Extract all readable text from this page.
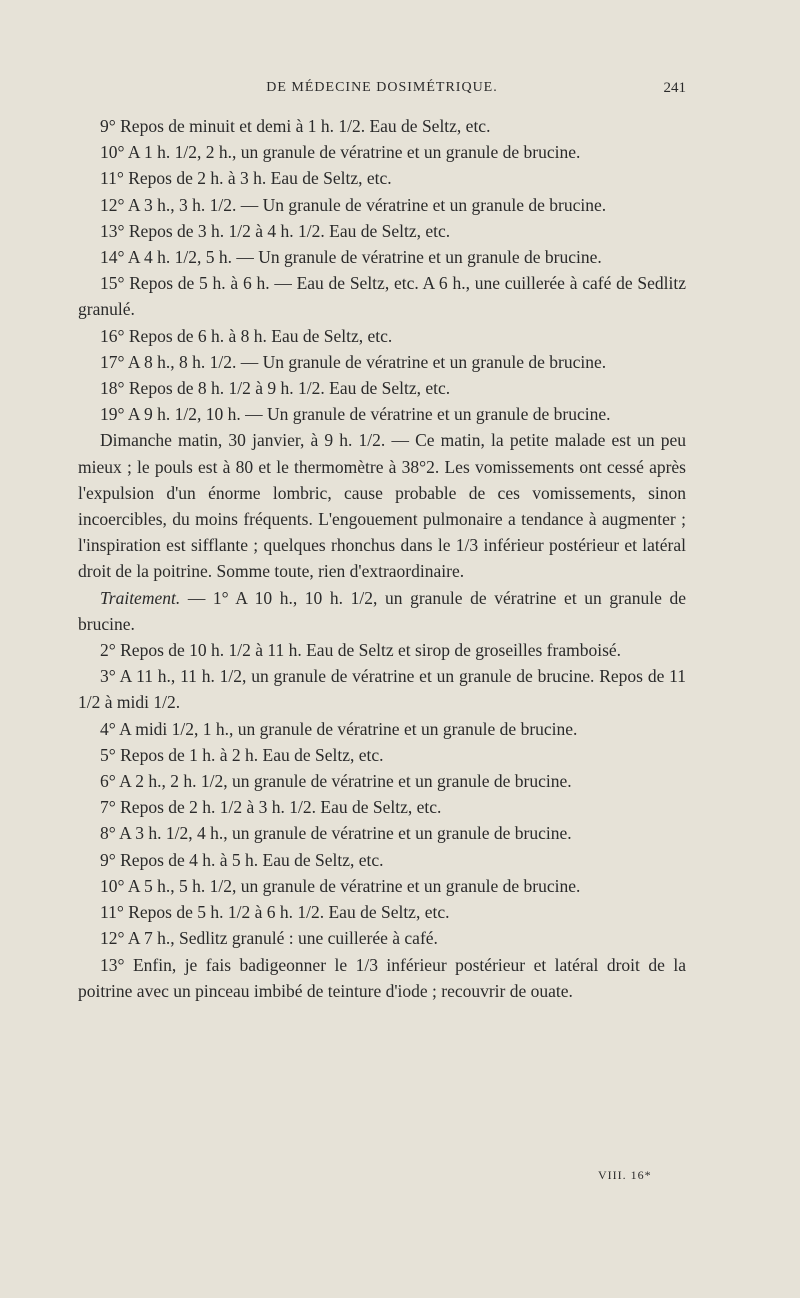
DE MÉDECINE DOSIMÉTRIQUE.	241

9° Repos de minuit et demi à 1 h. 1/2. Eau de Seltz, etc.

10° A 1 h. 1/2, 2 h., un granule de vératrine et un granule de brucine.

11° Repos de 2 h. à 3 h. Eau de Seltz, etc.

12° A 3 h., 3 h. 1/2. — Un granule de vératrine et un granule de brucine.

13° Repos de 3 h. 1/2 à 4 h. 1/2. Eau de Seltz, etc.

14° A 4 h. 1/2, 5 h. — Un granule de vératrine et un granule de brucine.

15° Repos de 5 h. à 6 h. — Eau de Seltz, etc. A 6 h., une cuillerée à café de Sedlitz granulé.

16° Repos de 6 h. à 8 h. Eau de Seltz, etc.

17° A 8 h., 8 h. 1/2. — Un granule de vératrine et un granule de brucine.

18° Repos de 8 h. 1/2 à 9 h. 1/2. Eau de Seltz, etc.

19° A 9 h. 1/2, 10 h. — Un granule de vératrine et un granule de brucine.

Dimanche matin, 30 janvier, à 9 h. 1/2. — Ce matin, la petite malade est un peu mieux ; le pouls est à 80 et le thermomètre à 38°2. Les vomissements ont cessé après l'expulsion d'un énorme lombric, cause probable de ces vomissements, sinon incoercibles, du moins fréquents. L'engouement pulmonaire a tendance à augmenter ; l'inspiration est sifflante ; quelques rhonchus dans le 1/3 inférieur postérieur et latéral droit de la poitrine. Somme toute, rien d'extraordinaire.

Traitement. — 1° A 10 h., 10 h. 1/2, un granule de vératrine et un granule de brucine.

2° Repos de 10 h. 1/2 à 11 h. Eau de Seltz et sirop de groseilles framboisé.

3° A 11 h., 11 h. 1/2, un granule de vératrine et un granule de brucine. Repos de 11 1/2 à midi 1/2.

4° A midi 1/2, 1 h., un granule de vératrine et un granule de brucine.

5° Repos de 1 h. à 2 h. Eau de Seltz, etc.

6° A 2 h., 2 h. 1/2, un granule de vératrine et un granule de brucine.

7° Repos de 2 h. 1/2 à 3 h. 1/2. Eau de Seltz, etc.

8° A 3 h. 1/2, 4 h., un granule de vératrine et un granule de brucine.

9° Repos de 4 h. à 5 h. Eau de Seltz, etc.

10° A 5 h., 5 h. 1/2, un granule de vératrine et un granule de brucine.

11° Repos de 5 h. 1/2 à 6 h. 1/2. Eau de Seltz, etc.

12° A 7 h., Sedlitz granulé : une cuillerée à café.

13° Enfin, je fais badigeonner le 1/3 inférieur postérieur et latéral droit de la poitrine avec un pinceau imbibé de teinture d'iode ; recouvrir de ouate.

VIII. 16*
